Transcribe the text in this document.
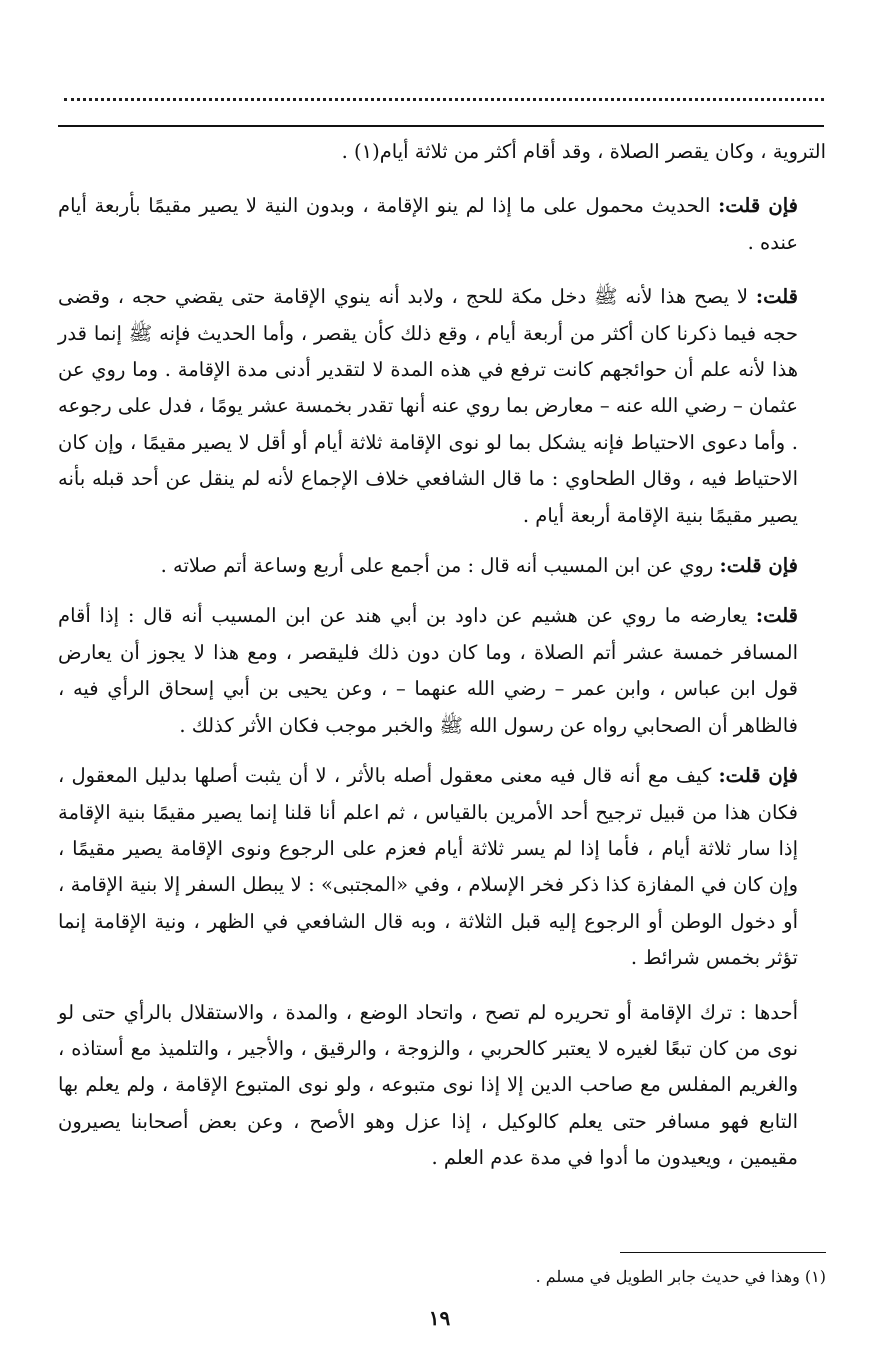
التروية ، وكان يقصر الصلاة ، وقد أقام أكثر من ثلاثة أيام(١) .

فإن قلت: الحديث محمول على ما إذا لم ينو الإقامة ، وبدون النية لا يصير مقيمًا بأربعة أيام عنده .

قلت: لا يصح هذا لأنه ﷺ دخل مكة للحج ، ولابد أنه ينوي الإقامة حتى يقضي حجه ، وقضى حجه فيما ذكرنا كان أكثر من أربعة أيام ، وقع ذلك كأن يقصر ، وأما الحديث فإنه ﷺ إنما قدر هذا لأنه علم أن حوائجهم كانت ترفع في هذه المدة لا لتقدير أدنى مدة الإقامة . وما روي عن عثمان – رضي الله عنه – معارض بما روي عنه أنها تقدر بخمسة عشر يومًا ، فدل على رجوعه . وأما دعوى الاحتياط فإنه يشكل بما لو نوى الإقامة ثلاثة أيام أو أقل لا يصير مقيمًا ، وإن كان الاحتياط فيه ، وقال الطحاوي : ما قال الشافعي خلاف الإجماع لأنه لم ينقل عن أحد قبله بأنه يصير مقيمًا بنية الإقامة أربعة أيام .

فإن قلت: روي عن ابن المسيب أنه قال : من أجمع على أربع وساعة أتم صلاته .

قلت: يعارضه ما روي عن هشيم عن داود بن أبي هند عن ابن المسيب أنه قال : إذا أقام المسافر خمسة عشر أتم الصلاة ، وما كان دون ذلك فليقصر ، ومع هذا لا يجوز أن يعارض قول ابن عباس ، وابن عمر – رضي الله عنهما – ، وعن يحيى بن أبي إسحاق الرأي فيه ، فالظاهر أن الصحابي رواه عن رسول الله ﷺ والخبر موجب فكان الأثر كذلك .

فإن قلت: كيف مع أنه قال فيه معنى معقول أصله بالأثر ، لا أن يثبت أصلها بدليل المعقول ، فكان هذا من قبيل ترجيح أحد الأمرين بالقياس ، ثم اعلم أنا قلنا إنما يصير مقيمًا بنية الإقامة إذا سار ثلاثة أيام ، فأما إذا لم يسر ثلاثة أيام فعزم على الرجوع ونوى الإقامة يصير مقيمًا ، وإن كان في المفازة كذا ذكر فخر الإسلام ، وفي «المجتبى» : لا يبطل السفر إلا بنية الإقامة ، أو دخول الوطن أو الرجوع إليه قبل الثلاثة ، وبه قال الشافعي في الظهر ، ونية الإقامة إنما تؤثر بخمس شرائط .

أحدها : ترك الإقامة أو تحريره لم تصح ، واتحاد الوضع ، والمدة ، والاستقلال بالرأي حتى لو نوى من كان تبعًا لغيره لا يعتبر كالحربي ، والزوجة ، والرقيق ، والأجير ، والتلميذ مع أستاذه ، والغريم المفلس مع صاحب الدين إلا إذا نوى متبوعه ، ولو نوى المتبوع الإقامة ، ولم يعلم بها التابع فهو مسافر حتى يعلم كالوكيل ، إذا عزل وهو الأصح ، وعن بعض أصحابنا يصيرون مقيمين ، ويعيدون ما أدوا في مدة عدم العلم .

(١) وهذا في حديث جابر الطويل في مسلم .
١٩
